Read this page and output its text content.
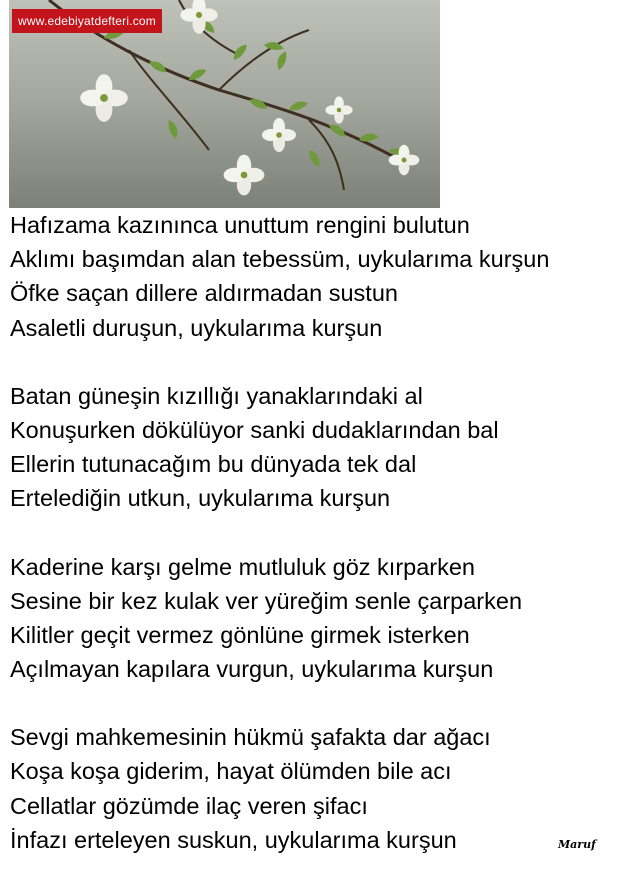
www.edebiyatdefteri.com
Hafızama kazınınca unuttum rengini bulutun
Aklımı başımdan alan tebessüm, uykularıma kurşun
Öfke saçan dillere aldırmadan sustun
Asaletli duruşun, uykularıma kurşun
Batan güneşin kızıllığı yanaklarındaki al
Konuşurken dökülüyor sanki dudaklarından bal
Ellerin tutunacağım bu dünyada tek dal
Ertelediğin utkun, uykularıma kurşun
Kaderine karşı gelme mutluluk göz kırparken
Sesine bir kez kulak ver yüreğim senle çarparken
Kilitler geçit vermez gönlüne girmek isterken
Açılmayan kapılara vurgun, uykularıma kurşun
Sevgi mahkemesinin hükmü şafakta dar ağacı
Koşa koşa giderim, hayat ölümden bile acı
Cellatlar gözümde ilaç veren şifacı
İnfazı erteleyen suskun, uykularıma kurşun	Maruf
